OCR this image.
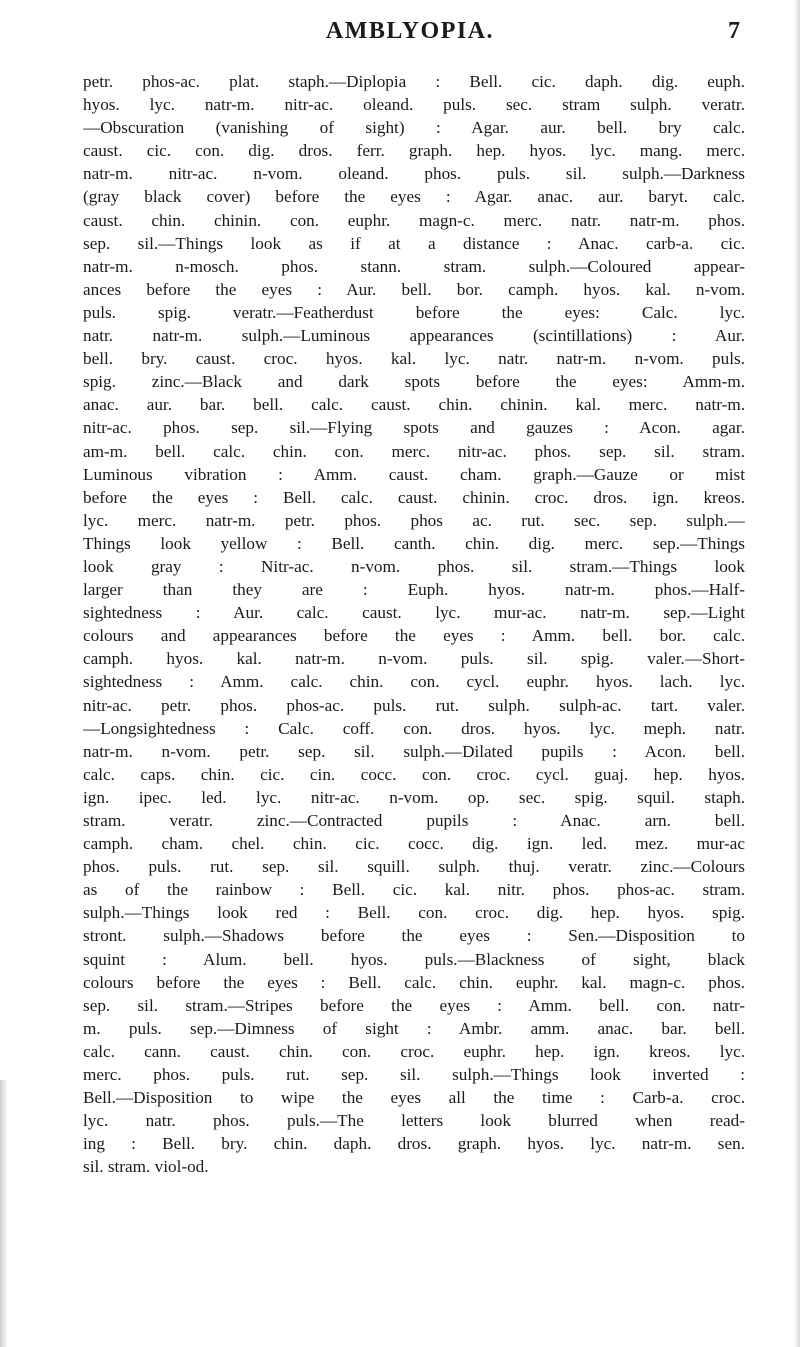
AMBLYOPIA.	7
petr. phos-ac. plat. staph.—Diplopia : Bell. cic. daph. dig. euph.
hyos. lyc. natr-m. nitr-ac. oleand. puls. sec. stram sulph. veratr.
—Obscuration (vanishing of sight) : Agar. aur. bell. bry calc.
caust. cic. con. dig. dros. ferr. graph. hep. hyos. lyc. mang. merc.
natr-m. nitr-ac. n-vom. oleand. phos. puls. sil. sulph.—Darkness
(gray black cover) before the eyes : Agar. anac. aur. baryt. calc.
caust. chin. chinin. con. euphr. magn-c. merc. natr. natr-m. phos.
sep. sil.—Things look as if at a distance : Anac. carb-a. cic.
natr-m. n-mosch. phos. stann. stram. sulph.—Coloured appear-
ances before the eyes : Aur. bell. bor. camph. hyos. kal. n-vom.
puls. spig. veratr.—Featherdust before the eyes: Calc. lyc.
natr. natr-m. sulph.—Luminous appearances (scintillations) : Aur.
bell. bry. caust. croc. hyos. kal. lyc. natr. natr-m. n-vom. puls.
spig. zinc.—Black and dark spots before the eyes: Amm-m.
anac. aur. bar. bell. calc. caust. chin. chinin. kal. merc. natr-m.
nitr-ac. phos. sep. sil.—Flying spots and gauzes : Acon. agar.
am-m. bell. calc. chin. con. merc. nitr-ac. phos. sep. sil. stram.
Luminous vibration : Amm. caust. cham. graph.—Gauze or mist
before the eyes : Bell. calc. caust. chinin. croc. dros. ign. kreos.
lyc. merc. natr-m. petr. phos. phos ac. rut. sec. sep. sulph.—
Things look yellow : Bell. canth. chin. dig. merc. sep.—Things
look gray : Nitr-ac. n-vom. phos. sil. stram.—Things look
larger than they are : Euph. hyos. natr-m. phos.—Half-
sightedness : Aur. calc. caust. lyc. mur-ac. natr-m. sep.—Light
colours and appearances before the eyes : Amm. bell. bor. calc.
camph. hyos. kal. natr-m. n-vom. puls. sil. spig. valer.—Short-
sightedness : Amm. calc. chin. con. cycl. euphr. hyos. lach. lyc.
nitr-ac. petr. phos. phos-ac. puls. rut. sulph. sulph-ac. tart. valer.
—Longsightedness : Calc. coff. con. dros. hyos. lyc. meph. natr.
natr-m. n-vom. petr. sep. sil. sulph.—Dilated pupils : Acon. bell.
calc. caps. chin. cic. cin. cocc. con. croc. cycl. guaj. hep. hyos.
ign. ipec. led. lyc. nitr-ac. n-vom. op. sec. spig. squil. staph.
stram. veratr. zinc.—Contracted pupils : Anac. arn. bell.
camph. cham. chel. chin. cic. cocc. dig. ign. led. mez. mur-ac
phos. puls. rut. sep. sil. squill. sulph. thuj. veratr. zinc.—Colours
as of the rainbow : Bell. cic. kal. nitr. phos. phos-ac. stram.
sulph.—Things look red : Bell. con. croc. dig. hep. hyos. spig.
stront. sulph.—Shadows before the eyes : Sen.—Disposition to
squint : Alum. bell. hyos. puls.—Blackness of sight, black
colours before the eyes : Bell. calc. chin. euphr. kal. magn-c. phos.
sep. sil. stram.—Stripes before the eyes : Amm. bell. con. natr-
m. puls. sep.—Dimness of sight : Ambr. amm. anac. bar. bell.
calc. cann. caust. chin. con. croc. euphr. hep. ign. kreos. lyc.
merc. phos. puls. rut. sep. sil. sulph.—Things look inverted :
Bell.—Disposition to wipe the eyes all the time : Carb-a. croc.
lyc. natr. phos. puls.—The letters look blurred when read-
ing : Bell. bry. chin. daph. dros. graph. hyos. lyc. natr-m. sen.
sil. stram. viol-od.
